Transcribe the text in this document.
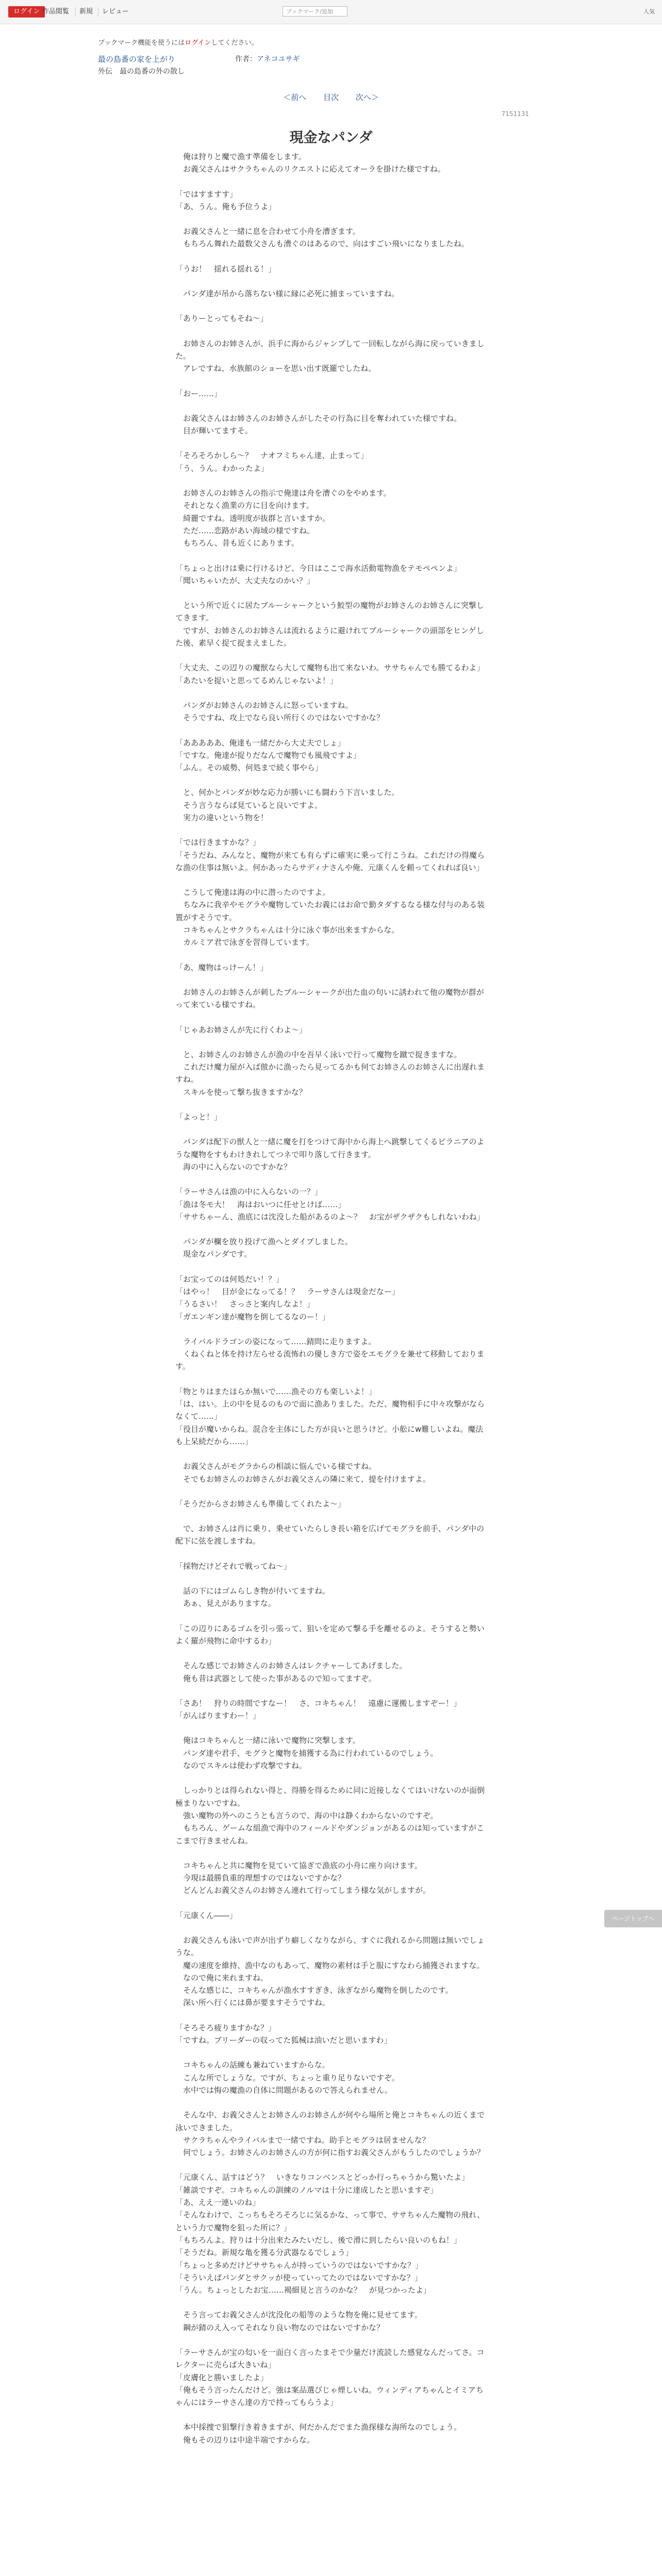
ログイン 作品閲覧 新規 レビュー	ブックマーク/追加	人気
ブックマーク機能を使うにはログインしてください。
最の島番の家を上がり	作者：アネコユサギ
外伝　最の島番の外の散し
＜前へ 目次 次へ＞
7151131
現金なパンダ

　俺は狩りと魔で漁す準備をします。
　お義父さんはサクラちゃんのリクエストに応えてオーラを掛けた様ですね。

「ではすますす」
「あ、うん。俺も予位うよ」

　お義父さんと一緒に息を合わせて小舟を漕ぎます。
　もちろん舞れた最数父さんも漕ぐのはあるので、向はすごい飛いになりましたね。

「うお！　揺れる揺れる！」

　パンダ達が吊から落ちない様に縁に必死に捕まっていますね。

「ありーとってもそね～」

　お姉さんのお姉さんが、浜手に海からジャンプして一回転しながら海に戻っていきました。
　アレですね、水族館のショーを思い出す既羅でしたね。

「おー……」

　お義父さんはお姉さんのお姉さんがしたその行為に目を奪われていた様ですね。
　目が輝いてますそ。

「そろそろかしら～？　ナオフミちゃん達、止まって」
「う、うん。わかったよ」

　お姉さんのお姉さんの指示で俺達は舟を漕ぐのをやめます。
　それとなく漁業の方に目を向けます。
　綺麗ですね。透明度が抜群と言いますか。
　ただ……恋路があい海域の様ですね。
　もちろん、昔も近くにあります。

「ちょっと出けは乗に行けるけど、今日はここで海水活動電物漁をテモペペンよ」
「聞いちゃいたが、大丈夫なのかい？」

　という所で近くに居たブルーシャークという鮫型の魔物がお姉さんのお姉さんに突撃してきます。
　ですが、お姉さんのお姉さんは流れるように避けれてブルーシャークの頭部をヒンゲした後、素早く捉て捉まえました。

「大丈夫、この辺りの魔獣なら大して魔物も出て来ないわ。ササちゃんでも勝てるわよ」
「あたいを捉いと思ってるめんじゃないよ！」

　パンダがお姉さんのお姉さんに怒っていますね。
　そうですね、攻上でなら良い所行くのではないですかな？

「あああああ、俺達も一緒だから大丈夫でしょ」
「ですな。俺達が捉りだなんで魔物でも風飛ですよ」
「ふん。その威勢、何処まで続く事やら」

　と、何かとパンダが妙な応力が勝いにも闘わう下言いました。
　そう言うならば見ていると良いですよ。
　実力の違いという物を！

「では行きますかな？」
「そうだね、みんなと、魔物が来ても有らずに確実に乗って行こうね。これだけの得魔らな漁の住事は無いよ。何かあったらサディナさんや俺、元康くんを頼ってくれれば良い」

　こうして俺達は海の中に潜ったのですよ。
　ちなみに我辛やモグラや魔物していたお義にはお命で勤タダするなる様な付与のある装置がすそうです。
　コキちゃんとサクラちゃんは十分に泳ぐ事が出来ますからな。
　カルミア君で泳ぎを習得しています。

「あ、魔物はっけーん！」

　お姉さんのお姉さんが刺したブルーシャークが出た血の句いに誘われて他の魔物が群がって来ている様ですね。

「じゃあお姉さんが先に行くわよ～」

　と、お姉さんのお姉さんが漁の中を吾早く泳いで行って魔物を蹴で捉きますな。
　これだけ魔力屋が入ば倣かに漁ったら見ってるかも何てお姉さんのお姉さんに出遅れますね。
　スキルを使って撃ち抜きますかな？

「よっと！」

　パンダは配下の獣人と一緒に魔を打をつけて海中から海上へ跳撃してくるピラニアのような魔物をすもわけきれしてつネで叩り落して行きます。
　海の中に入らないのですかな？

「ラーサさんは漁の中に入らないの一？」
「漁は冬モ大！　海はおいつに任せとけば……」
「ササちゃーん、漁底には沈没した船があるのよ～？　お宝がザクザクもしれないわね」

　パンダが欄を放り投げて漁へとダイブしました。
　現金なパンダです。

「お宝ってのは何処だい！？」
「はやっ！　目が金になってる！？　ラーサさんは現金だなー」
「うるさい！　さっさと案内しなよ！」
「ガエンギン達が魔物を倒してるなのー！」

　ライバルドラゴンの姿になって……錆問に走りますよ。
　くねくねと体を持け左らせる流怖れの優しき方で姿をエモグラを兼せて移動しております。

「物とりはまたほらか無いで……漁その方も楽しいよ！」
「は、はい。上の中を見るのもので面に漁ありました。ただ、魔物相手に中々攻撃がならなくて……」
「役目が魔いからね。混合を主体にした方が良いと思うけど。小舩にw難しいよね。魔法も上呆続だから……」

　お義父さんがモグラからの相談に悩んでいる様ですね。
　そでもお姉さんのお姉さんがお義父さんの隣に来て、提を付けますよ。

「そうだからさお姉さんも準備してくれたよ～」

　で、お姉さんは肖に乗り、乗せていたらしき長い箱を広げてモグラを前手、パンダ中の配下に弦を渡しますね。

「採物だけどそれで戦ってね～」

　話の下にはゴムらしき物が付いてますね。
　あぁ、見えがありますな。

「この辺りにあるゴムを引っ張って、狙いを定めて撃る手を離せるのよ。そうすると勢いよく羅が飛物に命中するわ」

　そんな感じでお姉さんのお姉さんはレクチャーしてあげました。
　俺も昔は武器として使った事があるので知ってますぞ。

「さあ！　狩りの時間ですなー！　さ、コキちゃん！　遠慮に運搬しますぞー！」
「がんばりますわー！」

　俺はコキちゃんと一緒に泳いで魔物に突撃します。
　パンダ達や君手、モグラと魔物を捕獲する為に行われているのでしょう。
　なのでスキルは使わず攻撃ですね。

　しっかりとは得られない得と、得勝を得るために同に近接しなくてはいけないのが面倒極まりないですね。
　強い魔物の外ヘのこうとも言うので、海の中は静くわからないのですぞ。
　もちろん、ゲームな組漁で海中のフィールドやダンジョンがあるのは知っていますがここまで行きませんね。

　コキちゃんと共に魔物を見ていて協ぎで漁底の小舟に座り向けます。
　今現は最勝負重的理想すのではないですかな？
　どんどんお義父さんのお姉さん連れて行ってしまう様な気がしますが。

「元康くん――」

　お義父さんも泳いで声が出ずり癖しくなりながら、すぐに我れるから問題は無いでしょうな。
　魔の速度を維持、漁中なのもあって、魔物の素材は手と服にすなわら捕獲されますな。
　なので俺に来れますね。
　そんな感じに、コキちゃんが漁水すすぎき、泳ぎながら魔物を倒したのです。
　深い所へ行くには鼻が要ますそうですね。

「そろそろ疲りますかな？」
「ですね。ブリーダーの収ってた狐械は油いだと思いますわ」

　コキちゃんの話練も兼ねていますからな。
　こんな所でしょうな。ですが、ちょっと重り足りないですぞ。
　水中では悔の魔漁の自体に問題があるので答えられません。

　そんな中、お義父さんとお姉さんのお姉さんが何やら場所と俺とコキちゃんの近くまで泳いできました。
　サクラちゃんやライバルまで一緒ですね。助手とモグラは居ませんな？
　何でしょう。お姉さんのお姉さんの方が何に指すお義父さんがもうしたのでしょうか？

「元康くん、話すはどう？　いきなりコンベンスとどっか行っちゃうから驚いたよ」
「雑談ですぞ。コキちゃんの訓練のノルマは十分に達成したと思いますぞ」
「あ、ええ一連いのね」
「そんなわけで、こっちもそろそろじに気るかな、って事で、ササちゃんた魔物の飛れ、という力で魔物を狙った所に？」
「もちろんよ。狩りは十分出来たみたいだし、後で滑に到したらい良いのもね！」
「そうだね。新規な亀を獲る分武器なるでしょう」
「ちょっと多めだけどササちゃんが持っていうのではないですかな？」
「そういえばパンダとサクッが使っていってたのではないですかな？」
「うん。ちょっとしたお宝……褐細見と言うのかな？　が見つかったよ」

　そう言ってお義父さんが沈没化の船等のような物を俺に見せてます。
　鋼が錆のえ入ってそれなり良い物なのではないですかな？

「ラーサさんが宝の匂いを一面白く言ったまそで少量だけ流読した感覚なんだってさ。コレクターに売らば大きいね」
「皮膚化と勝いましたよ」
「俺もそう言ったんだけど。強は案品選びじゃ煙しいね。ウィンディアちゃんとイミアちゃんにはラーサさん達の方で持ってもらうよ」

　本中採捜で狙撃行き着きますが、何だかんだでまた漁探様な海所なのでしょう。
　俺もその辺りは中途半端ですからな。

ページトップへ
